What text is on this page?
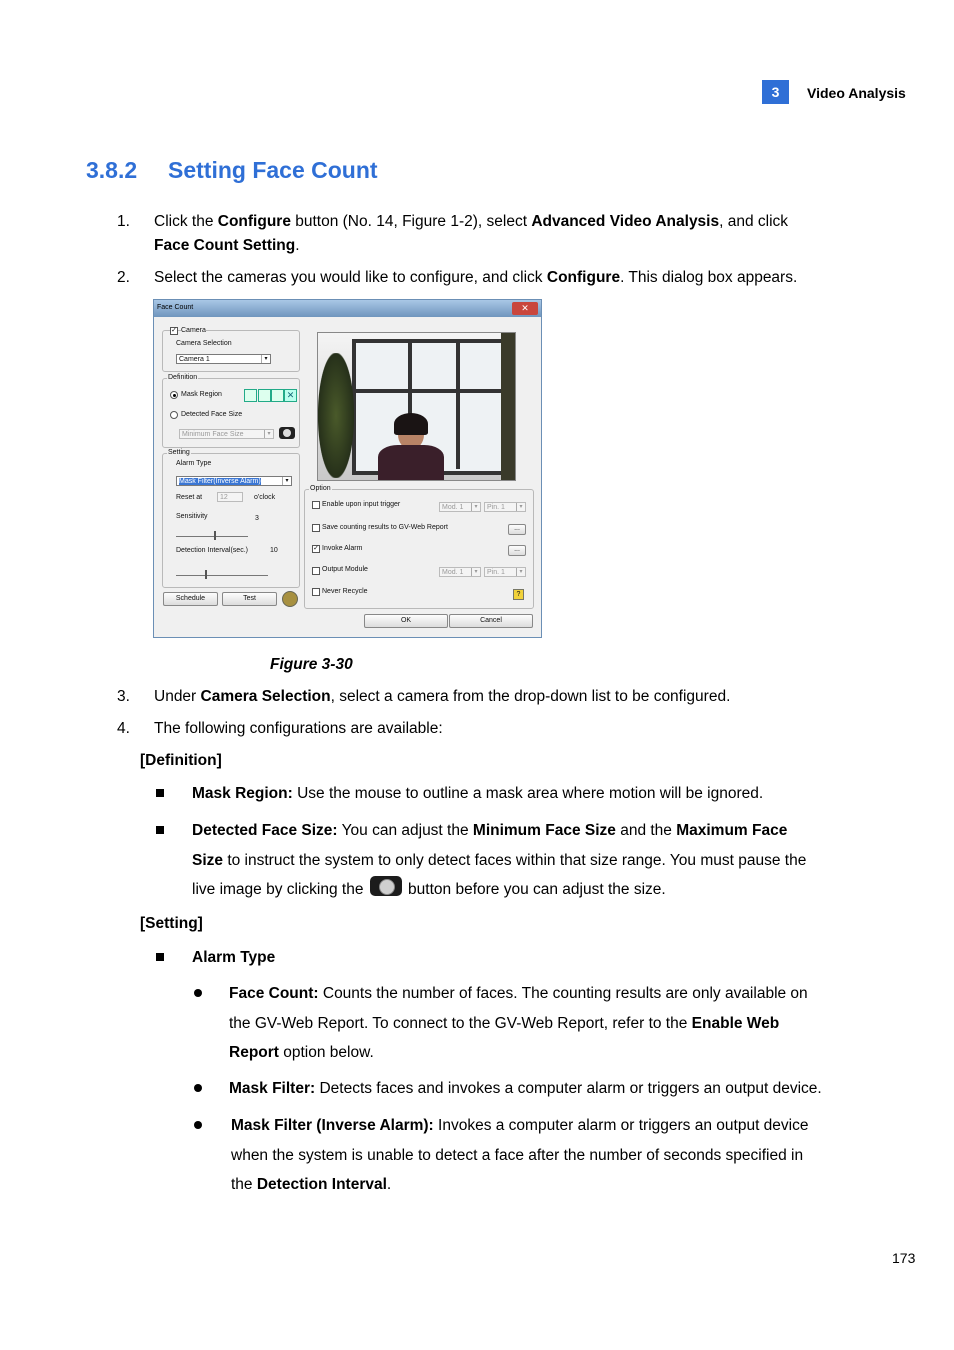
3	Video Analysis
3.8.2 Setting Face Count
1. Click the Configure button (No. 14, Figure 1-2), select Advanced Video Analysis, and click
Face Count Setting.
2. Select the cameras you would like to configure, and click Configure. This dialog box appears.
Face Count	✕
✓ Camera
Camera Selection
Camera 1	▾
Definition
Mask Region	✕
Detected Face Size
Minimum Face Size	▾
Setting
Alarm Type
Mask Filter(Inverse Alarm)	▾
Reset at	12	o'clock
Sensitivity	3
Detection Interval(sec.)	10
Schedule	Test
Option
Enable upon input trigger	Mod. 1	▾	Pin. 1	▾
Save counting results to GV-Web Report	...
✓ Invoke Alarm	...
Output Module	Mod. 1	▾	Pin. 1	▾
Never Recycle	?
OK	Cancel
Figure 3-30
3. Under Camera Selection, select a camera from the drop-down list to be configured.
4. The following configurations are available:
[Definition]
Mask Region: Use the mouse to outline a mask area where motion will be ignored.
Detected Face Size: You can adjust the Minimum Face Size and the Maximum Face
Size to instruct the system to only detect faces within that size range. You must pause the
live image by clicking the
button before you can adjust the size.
[Setting]
Alarm Type
Face Count: Counts the number of faces. The counting results are only available on
the GV-Web Report. To connect to the GV-Web Report, refer to the Enable Web
Report option below.
Mask Filter: Detects faces and invokes a computer alarm or triggers an output device.
Mask Filter (Inverse Alarm): Invokes a computer alarm or triggers an output device
when the system is unable to detect a face after the number of seconds specified in
the Detection Interval.
173
